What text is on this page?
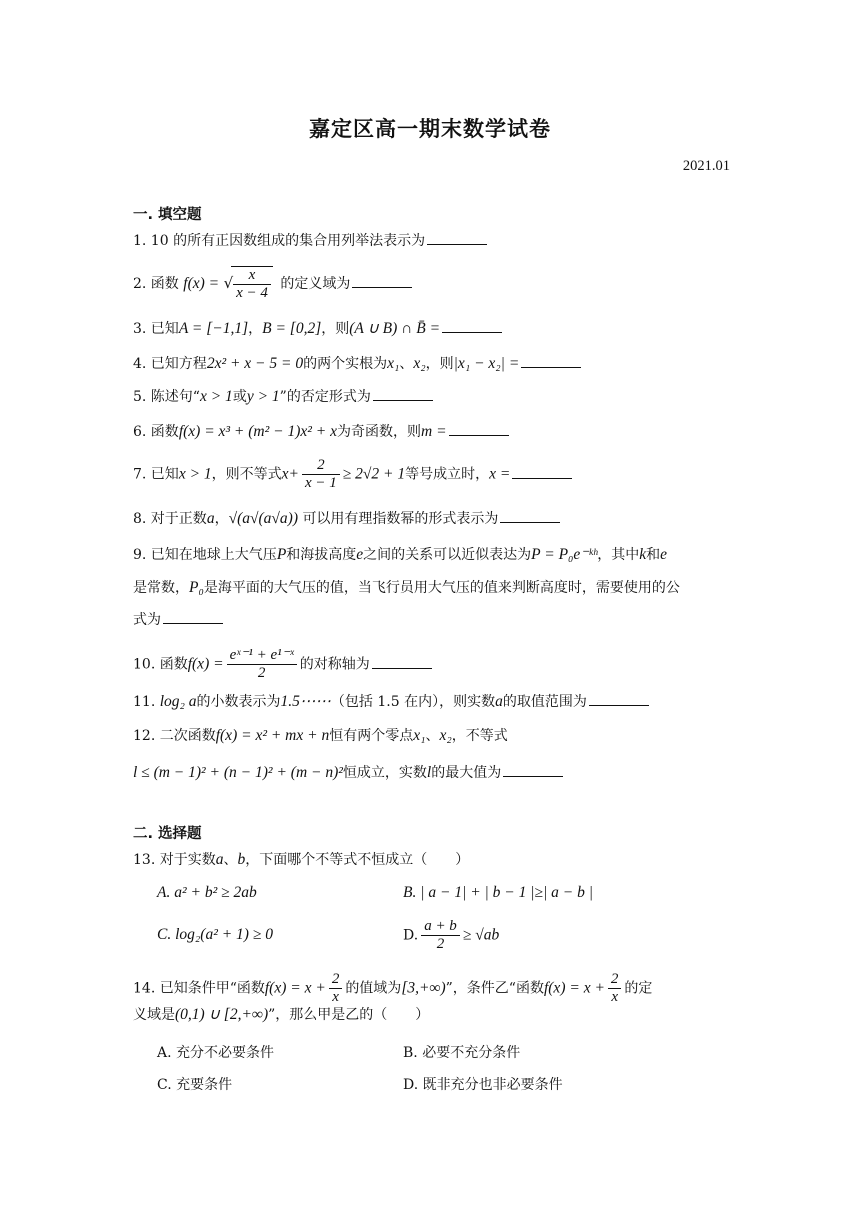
嘉定区高一期末数学试卷
2021.01
一. 填空题
1. 10 的所有正因数组成的集合用列举法表示为
2. 函数 f(x) = √
$\frac{x}{x - 4}$ 的定义域为
3. 已知A = [−1,1]，B = [0,2]，则(A ∪ B) ∩ B̄ =
4. 已知方程2x² + x − 5 = 0的两个实根为x₁、x₂，则|x₁ − x₂| =
5. 陈述句“x > 1或y > 1”的否定形式为
6. 函数f(x) = x³ + (m² − 1)x² + x为奇函数，则m =
7. 已知x > 1，则不等式$x+ \frac{2}{x - 1} \ge 2√2 + 1$等号成立时，x =
8. 对于正数a，√(a√(a√a)) 可以用有理指数幂的形式表示为
9. 已知在地球上大气压P和海拔高度e之间的关系可以近似表达为P = P₀e⁻ᵏʰ，其中k和e
是常数，P₀是海平面的大气压的值，当飞行员用大气压的值来判断高度时，需要使用的公
式为
10. 函数$f(x) = \frac{\text{eˣ⁻¹ + e¹⁻ˣ}}{2}$ 的对称轴为
11. log₂ a的小数表示为1.5⋯⋯（包括 1.5 在内），则实数a的取值范围为
12. 二次函数f(x) = x² + mx + n恒有两个零点x₁、x₂，不等式
l ≤ (m − 1)² + (n − 1)² + (m − n)²恒成立，实数l的最大值为
二. 选择题
13. 对于实数a、b，下面哪个不等式不恒成立（　　）
A. a² + b² ≥ 2ab	B. | a − 1| + | b − 1 |≥| a − b |
C. log₂(a² + 1) ≥ 0	D. $\frac{a + b}{2} \ge √ab$
14. 已知条件甲“函数$f(x) = x + \frac{2}{x}$ 的值域为[3,+∞)”，条件乙“函数$f(x) = x + \frac{2}{x}$ 的定
义域是(0,1) ∪ [2,+∞)”，那么甲是乙的（　　）
A. 充分不必要条件	B. 必要不充分条件
C. 充要条件	D. 既非充分也非必要条件
